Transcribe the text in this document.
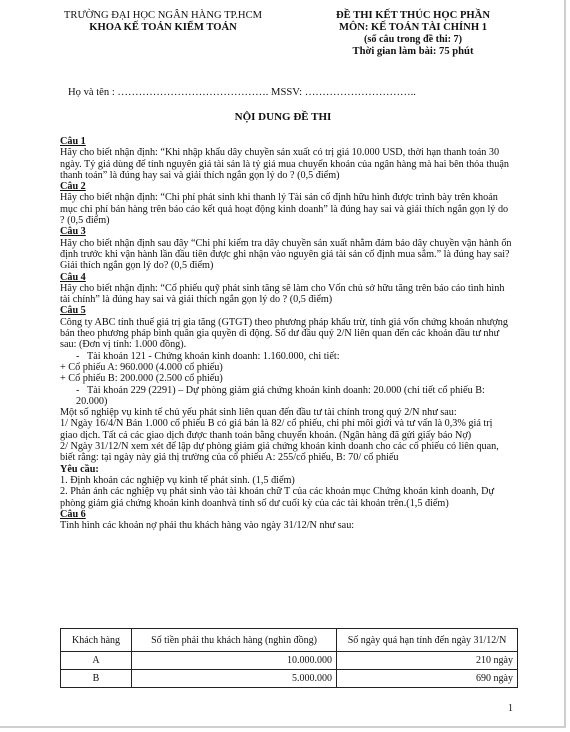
TRƯỜNG ĐẠI HỌC NGÂN HÀNG TP.HCM
KHOA KẾ TOÁN KIỂM TOÁN
ĐỀ THI KẾT THÚC HỌC PHẦN
MÔN: KẾ TOÁN TÀI CHÍNH 1
(số câu trong đề thi: 7)
Thời gian làm bài: 75 phút
Họ và tên : ……………………………………. MSSV: …………………………..
NỘI DUNG ĐỀ THI

Câu 1

Hãy cho biết nhận định: “Khi nhập khẩu dây chuyền sản xuất có trị giá 10.000 USD, thời hạn thanh toán 30 ngày. Tỷ giá dùng để tính nguyên giá tài sản là tỷ giá mua chuyển khoản của ngân hàng mà hai bên thỏa thuận thanh toán” là đúng hay sai và giải thích ngắn gọn lý do ? (0,5 điểm)

Câu 2

Hãy cho biết nhận định: “Chi phí phát sinh khi thanh lý Tài sản cố định hữu hình được trình bày trên khoản mục chi phí bán hàng trên báo cáo kết quả hoạt động kinh doanh” là đúng hay sai và giải thích ngắn gọn lý do ? (0,5 điểm)

Câu 3

Hãy cho biết nhận định sau đây “Chi phí kiểm tra dây chuyền sản xuất nhằm đảm bảo dây chuyền vận hành ổn định trước khi vận hành lần đầu tiên được ghi nhận vào nguyên giá tài sản cố định mua sắm.” là đúng hay sai? Giải thích ngắn gọn lý do? (0,5 điểm)

Câu 4

Hãy cho biết nhận định: “Cổ phiếu quỹ phát sinh tăng sẽ làm cho Vốn chủ sở hữu tăng trên báo cáo tình hình tài chính” là đúng hay sai và giải thích ngắn gọn lý do ? (0,5 điểm)

Câu 5

Công ty ABC tính thuế giá trị gia tăng (GTGT) theo phương pháp khấu trừ, tính giá vốn chứng khoán nhượng bán theo phương pháp bình quân gia quyền di động. Số dư đầu quý 2/N liên quan đến các khoản đầu tư như sau: (Đơn vị tính: 1.000 đồng).

-   Tài khoản 121 - Chứng khoán kinh doanh: 1.160.000, chi tiết:

+ Cổ phiếu A: 960.000 (4.000 cổ phiếu)

+ Cổ phiếu B: 200.000 (2.500 cổ phiếu)

-   Tài khoản 229 (2291) – Dự phòng giảm giá chứng khoán kinh doanh: 20.000 (chi tiết cổ phiếu B: 20.000)

Một số nghiệp vụ kinh tế chủ yếu phát sinh liên quan đến đầu tư tài chính trong quý 2/N như sau:

1/ Ngày 16/4/N Bán 1.000 cổ phiếu B có giá bán là 82/ cổ phiếu, chi phí môi giới và tư vấn là 0,3% giá trị giao dịch. Tất cả các giao dịch được thanh toán bằng chuyển khoản. (Ngân hàng đã gửi giấy báo Nợ)

2/ Ngày 31/12/N xem xét để lập dự phòng giảm giá chứng khoán kinh doanh cho các cổ phiếu có liên quan, biết rằng: tại ngày này giá thị trường của cổ phiếu A: 255/cổ phiếu, B: 70/ cổ phiếu

Yêu cầu:

1. Định khoản các nghiệp vụ kinh tế phát sinh. (1,5 điểm)

2. Phản ánh các nghiệp vụ phát sinh vào tài khoản chữ T của các khoản mục Chứng khoán kinh doanh, Dự phòng giảm giá chứng khoán kinh doanhvà tính số dư cuối kỳ của các tài khoản trên.(1,5 điểm)

Câu 6

Tình hình các khoản nợ phải thu khách hàng vào ngày 31/12/N như sau:

Khách hàng	Số tiền phải thu khách hàng (nghìn đồng)	Số ngày quá hạn tính đến ngày 31/12/N
A	10.000.000	210 ngày
B	5.000.000	690 ngày
1
